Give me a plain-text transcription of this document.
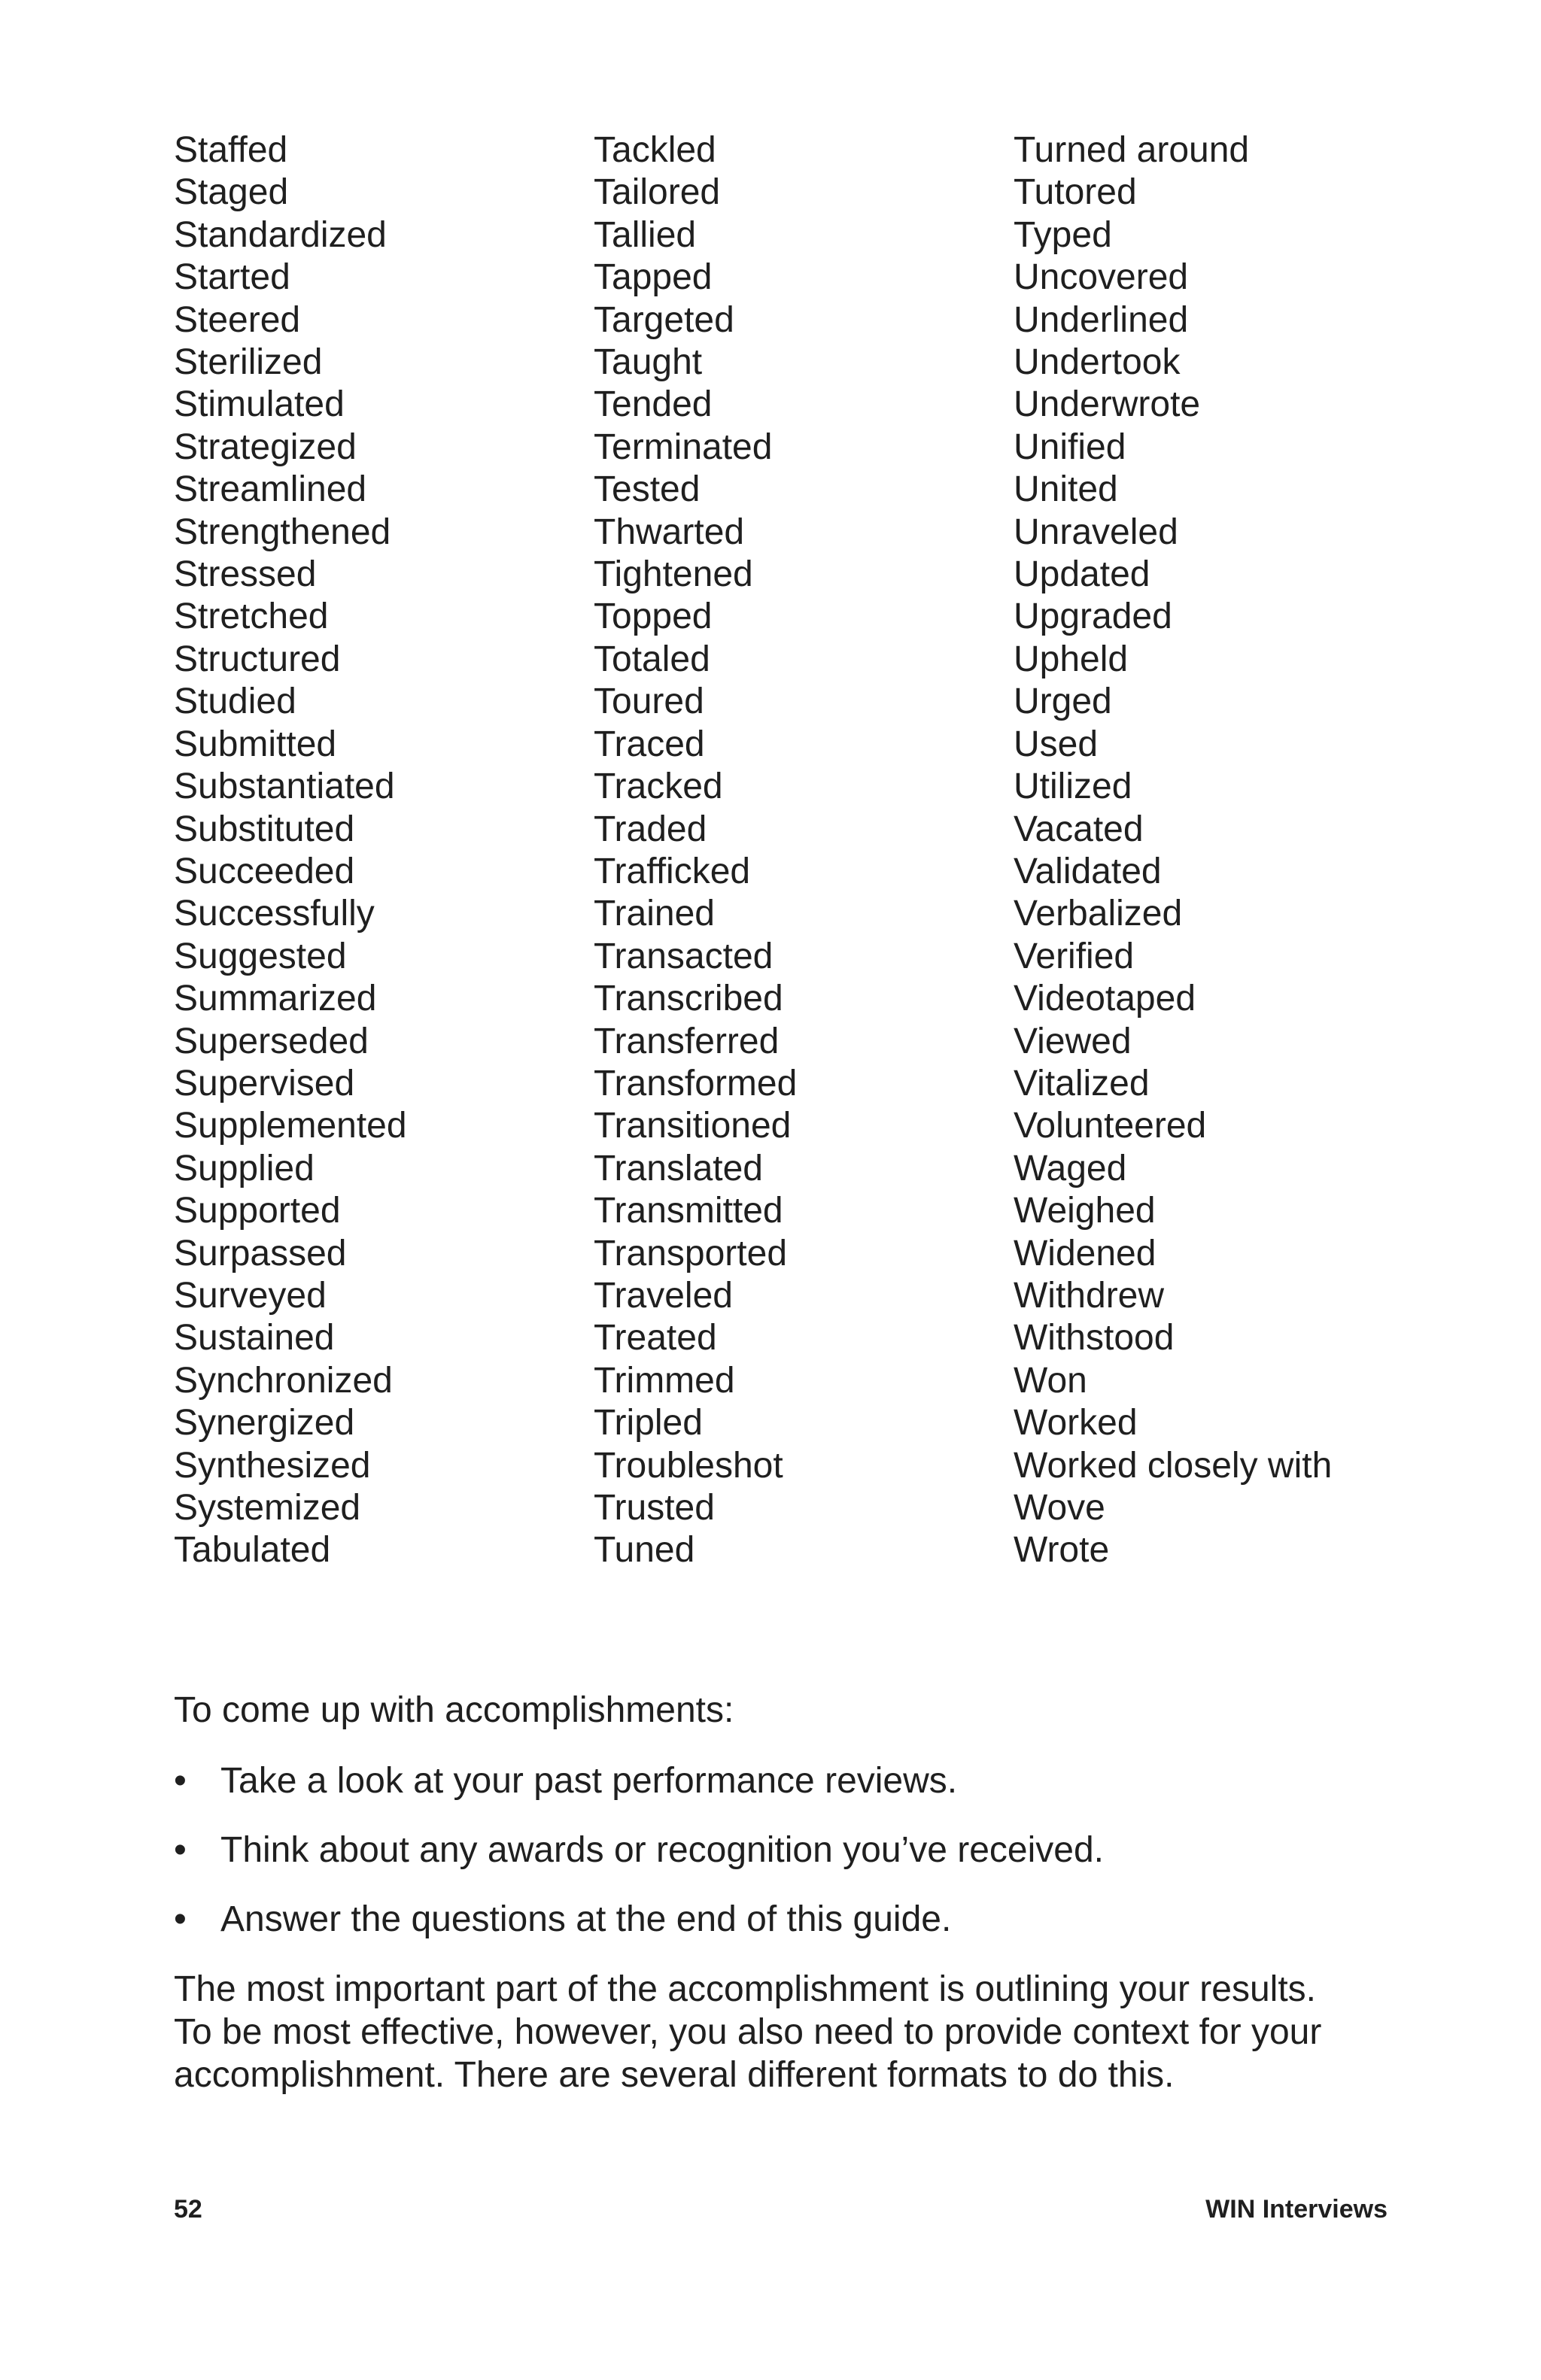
Staffed
Staged
Standardized
Started
Steered
Sterilized
Stimulated
Strategized
Streamlined
Strengthened
Stressed
Stretched
Structured
Studied
Submitted
Substantiated
Substituted
Succeeded
Successfully
Suggested
Summarized
Superseded
Supervised
Supplemented
Supplied
Supported
Surpassed
Surveyed
Sustained
Synchronized
Synergized
Synthesized
Systemized
Tabulated
Tackled
Tailored
Tallied
Tapped
Targeted
Taught
Tended
Terminated
Tested
Thwarted
Tightened
Topped
Totaled
Toured
Traced
Tracked
Traded
Trafficked
Trained
Transacted
Transcribed
Transferred
Transformed
Transitioned
Translated
Transmitted
Transported
Traveled
Treated
Trimmed
Tripled
Troubleshot
Trusted
Tuned
Turned around
Tutored
Typed
Uncovered
Underlined
Undertook
Underwrote
Unified
United
Unraveled
Updated
Upgraded
Upheld
Urged
Used
Utilized
Vacated
Validated
Verbalized
Verified
Videotaped
Viewed
Vitalized
Volunteered
Waged
Weighed
Widened
Withdrew
Withstood
Won
Worked
Worked closely with
Wove
Wrote

To come up with accomplishments:

• Take a look at your past performance reviews.
• Think about any awards or recognition you’ve received.
• Answer the questions at the end of this guide.

The most important part of the accomplishment is outlining your results.
To be most effective, however, you also need to provide context for your
accomplishment. There are several different formats to do this.

52	WIN Interviews
